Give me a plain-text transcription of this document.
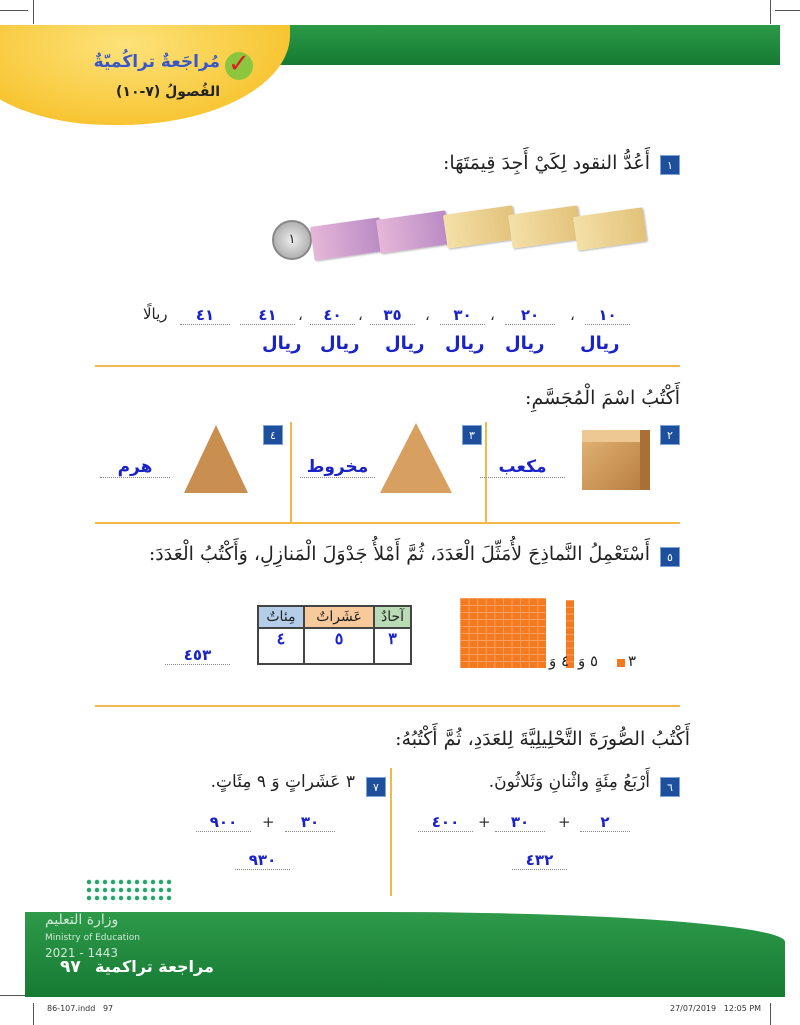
✓
مُراجَعةٌ تراكُميّةٌ
الفُصولُ (٧-١٠)
١
أَعُدُّ النقود لِكَيْ أَجِدَ قِيمَتَهَا:
١
١٠
،
٢٠
،
٣٠
،
٣٥
،
٤٠
،
٤١
٤١
ريالًا
ريال
ريال
ريال
ريال
ريال
ريال
أَكْتُبُ اسْمَ الْمُجَسَّمِ:
٢
٣
٤
مكعب
مخروط
هرم
٥
أَسْتَعْمِلُ النَّماذِجَ لأُمَثِّلَ الْعَدَدَ، ثُمَّ أَمْلأُ جَدْوَلَ الْمَنازِلِ، وَأَكْتُبُ الْعَدَدَ:
آحادٌ	عَشَراتٌ	مِئاتٌ
٣	٥	٤
٤ وَ	٥ وَ	٣
٤٥٣
أَكْتُبُ الصُّورَةَ التَّحْلِيلِيَّةَ لِلعَدَدِ، ثُمَّ أَكْتُبُهُ:
٦
أَرْبَعُ مِئَةٍ واثْنانِ وَثَلاثُونَ.
٢
+
٣٠
+
٤٠٠
٤٣٢
٧
٣ عَشَراتٍ وَ ٩ مِئَاتٍ.
٣٠
+
٩٠٠
٩٣٠
وزارة التعليم
Ministry of Education
2021 - 1443
٩٧ مراجعة تراكمية
86-107.indd   97	27/07/2019   12:05 PM
